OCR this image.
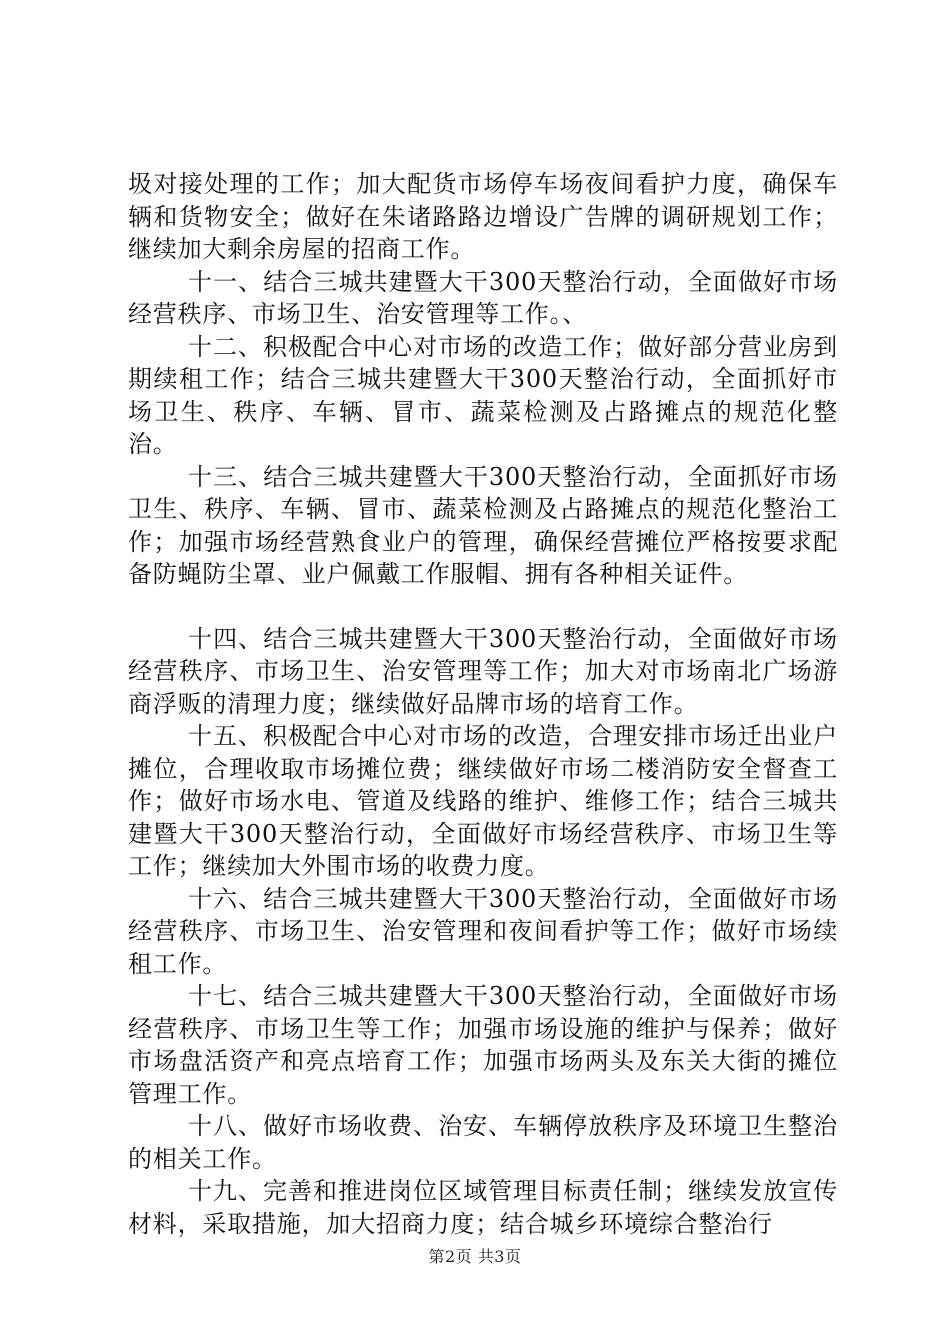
圾对接处理的工作；加大配货市场停车场夜间看护力度，确保车辆和货物安全；做好在朱诸路路边增设广告牌的调研规划工作；继续加大剩余房屋的招商工作。

十一、结合三城共建暨大干300天整治行动，全面做好市场经营秩序、市场卫生、治安管理等工作。、

十二、积极配合中心对市场的改造工作；做好部分营业房到期续租工作；结合三城共建暨大干300天整治行动，全面抓好市场卫生、秩序、车辆、冒市、蔬菜检测及占路摊点的规范化整治。

十三、结合三城共建暨大干300天整治行动，全面抓好市场卫生、秩序、车辆、冒市、蔬菜检测及占路摊点的规范化整治工作；加强市场经营熟食业户的管理，确保经营摊位严格按要求配备防蝇防尘罩、业户佩戴工作服帽、拥有各种相关证件。

十四、结合三城共建暨大干300天整治行动，全面做好市场经营秩序、市场卫生、治安管理等工作；加大对市场南北广场游商浮贩的清理力度；继续做好品牌市场的培育工作。

十五、积极配合中心对市场的改造，合理安排市场迁出业户摊位，合理收取市场摊位费；继续做好市场二楼消防安全督查工作；做好市场水电、管道及线路的维护、维修工作；结合三城共建暨大干300天整治行动，全面做好市场经营秩序、市场卫生等工作；继续加大外围市场的收费力度。

十六、结合三城共建暨大干300天整治行动，全面做好市场经营秩序、市场卫生、治安管理和夜间看护等工作；做好市场续租工作。

十七、结合三城共建暨大干300天整治行动，全面做好市场经营秩序、市场卫生等工作；加强市场设施的维护与保养；做好市场盘活资产和亮点培育工作；加强市场两头及东关大街的摊位管理工作。

十八、做好市场收费、治安、车辆停放秩序及环境卫生整治的相关工作。

十九、完善和推进岗位区域管理目标责任制；继续发放宣传材料，采取措施，加大招商力度；结合城乡环境综合整治行

第2页 共3页
